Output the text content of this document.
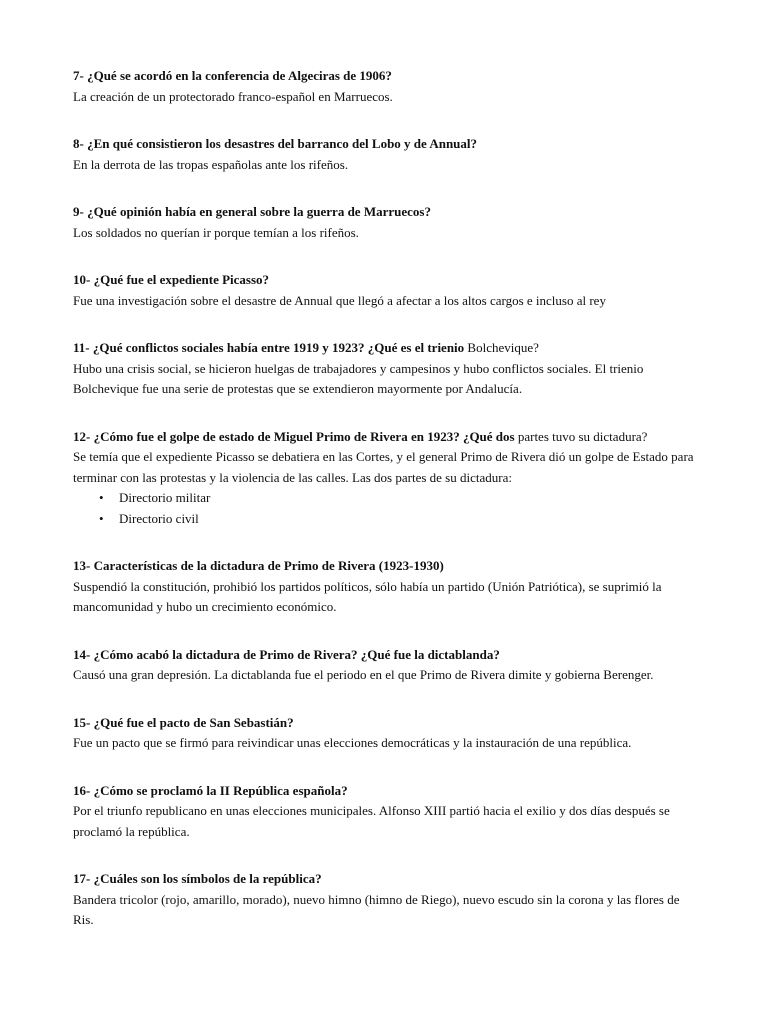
7- ¿Qué se acordó en la conferencia de Algeciras de 1906?
La creación de un protectorado franco-español en Marruecos.
8- ¿En qué consistieron los desastres del barranco del Lobo y de Annual?
En la derrota de las tropas españolas ante los rifeños.
9- ¿Qué opinión había en general sobre la guerra de Marruecos?
Los soldados no querían ir porque temían a los rifeños.
10- ¿Qué fue el expediente Picasso?
Fue una investigación sobre el desastre de Annual que llegó a afectar a los altos cargos e incluso al rey
11- ¿Qué conflictos sociales había entre 1919 y 1923? ¿Qué es el trienio Bolchevique?
Hubo una crisis social, se hicieron huelgas de trabajadores y campesinos y hubo conflictos sociales. El trienio Bolchevique fue una serie de protestas que se extendieron mayormente por Andalucía.
12- ¿Cómo fue el golpe de estado de Miguel Primo de Rivera en 1923? ¿Qué dos partes tuvo su dictadura?
Se temía que el expediente Picasso se debatiera en las Cortes, y el general Primo de Rivera dió un golpe de Estado para terminar con las protestas y la violencia de las calles. Las dos partes de su dictadura:
• Directorio militar
• Directorio civil
13- Características de la dictadura de Primo de Rivera (1923-1930)
Suspendió la constitución, prohibió los partidos políticos, sólo había un partido (Unión Patriótica), se suprimió la mancomunidad y hubo un crecimiento económico.
14- ¿Cómo acabó la dictadura de Primo de Rivera? ¿Qué fue la dictablanda?
Causó una gran depresión. La dictablanda fue el periodo en el que Primo de Rivera dimite y gobierna Berenger.
15- ¿Qué fue el pacto de San Sebastián?
Fue un pacto que se firmó para reivindicar unas elecciones democráticas y la instauración de una república.
16- ¿Cómo se proclamó la II República española?
Por el triunfo republicano en unas elecciones municipales. Alfonso XIII partió hacia el exilio y dos días después se proclamó la república.
17- ¿Cuáles son los símbolos de la república?
Bandera tricolor (rojo, amarillo, morado), nuevo himno (himno de Riego), nuevo escudo sin la corona y las flores de Ris.
